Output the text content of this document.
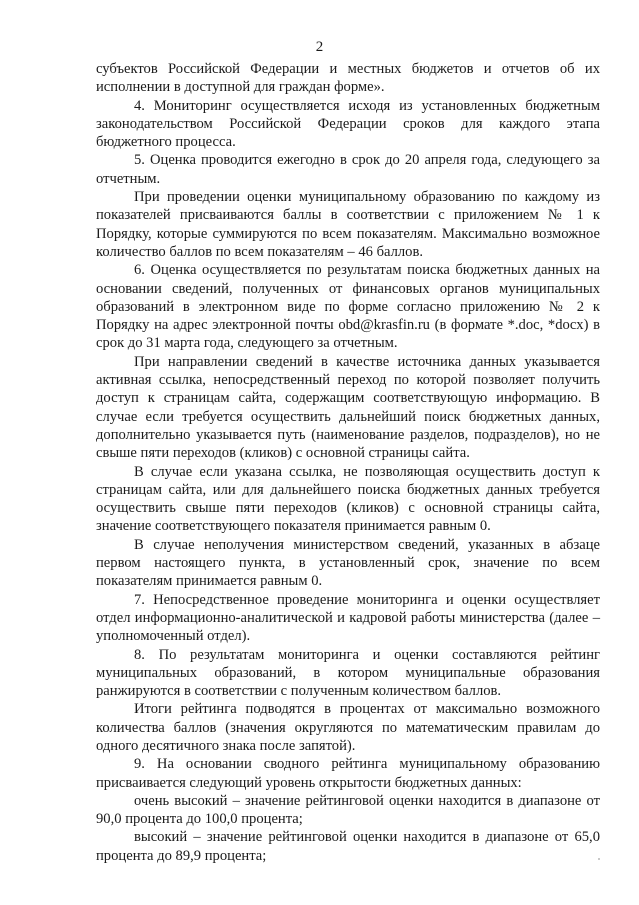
2

субъектов Российской Федерации и местных бюджетов и отчетов об их исполнении в доступной для граждан форме».

4. Мониторинг осуществляется исходя из установленных бюджетным законодательством Российской Федерации сроков для каждого этапа бюджетного процесса.

5. Оценка проводится ежегодно в срок до 20 апреля года, следующего за отчетным.

При проведении оценки муниципальному образованию по каждому из показателей присваиваются баллы в соответствии с приложением № 1 к Порядку, которые суммируются по всем показателям. Максимально возможное количество баллов по всем показателям – 46 баллов.

6. Оценка осуществляется по результатам поиска бюджетных данных на основании сведений, полученных от финансовых органов муниципальных образований в электронном виде по форме согласно приложению № 2 к Порядку на адрес электронной почты obd@krasfin.ru (в формате *.doc, *docx) в срок до 31 марта года, следующего за отчетным.

При направлении сведений в качестве источника данных указывается активная ссылка, непосредственный переход по которой позволяет получить доступ к страницам сайта, содержащим соответствующую информацию. В случае если требуется осуществить дальнейший поиск бюджетных данных, дополнительно указывается путь (наименование разделов, подразделов), но не свыше пяти переходов (кликов) с основной страницы сайта.

В случае если указана ссылка, не позволяющая осуществить доступ к страницам сайта, или для дальнейшего поиска бюджетных данных требуется осуществить свыше пяти переходов (кликов) с основной страницы сайта, значение соответствующего показателя принимается равным 0.

В случае неполучения министерством сведений, указанных в абзаце первом настоящего пункта, в установленный срок, значение по всем показателям принимается равным 0.

7. Непосредственное проведение мониторинга и оценки осуществляет отдел информационно-аналитической и кадровой работы министерства (далее – уполномоченный отдел).

8. По результатам мониторинга и оценки составляются рейтинг муниципальных образований, в котором муниципальные образования ранжируются в соответствии с полученным количеством баллов.

Итоги рейтинга подводятся в процентах от максимально возможного количества баллов (значения округляются по математическим правилам до одного десятичного знака после запятой).

9. На основании сводного рейтинга муниципальному образованию присваивается следующий уровень открытости бюджетных данных:

очень высокий – значение рейтинговой оценки находится в диапазоне от 90,0 процента до 100,0 процента;

высокий – значение рейтинговой оценки находится в диапазоне от 65,0 процента до 89,9 процента;
